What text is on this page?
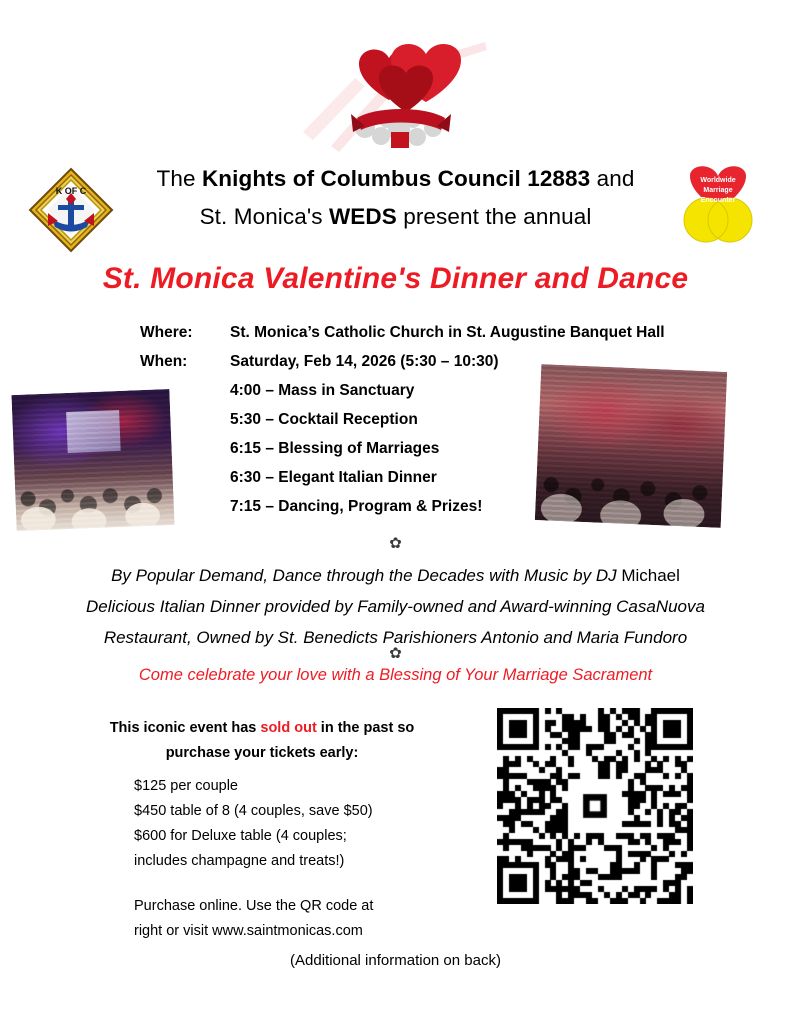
K OF C
Worldwide
Marriage
Encounter
The Knights of Columbus Council 12883 and
St. Monica's WEDS present the annual
St. Monica Valentine's Dinner and Dance
Where:	St. Monica’s Catholic Church in St. Augustine Banquet Hall
When:	Saturday, Feb 14, 2026 (5:30 – 10:30)
4:00 – Mass in Sanctuary
5:30 – Cocktail Reception
6:15 – Blessing of Marriages
6:30 – Elegant Italian Dinner
7:15 – Dancing, Program & Prizes!
✿
By Popular Demand, Dance through the Decades with Music by DJ Michael
Delicious Italian Dinner provided by Family-owned and Award-winning CasaNuova
Restaurant, Owned by St. Benedicts Parishioners Antonio and Maria Fundoro
✿
Come celebrate your love with a Blessing of Your Marriage Sacrament
This iconic event has sold out in the past so
purchase your tickets early:
$125 per couple
$450 table of 8 (4 couples, save $50)
$600 for Deluxe table (4 couples;
includes champagne and treats!)
Purchase online. Use the QR code at
right or visit www.saintmonicas.com
(Additional information on back)
